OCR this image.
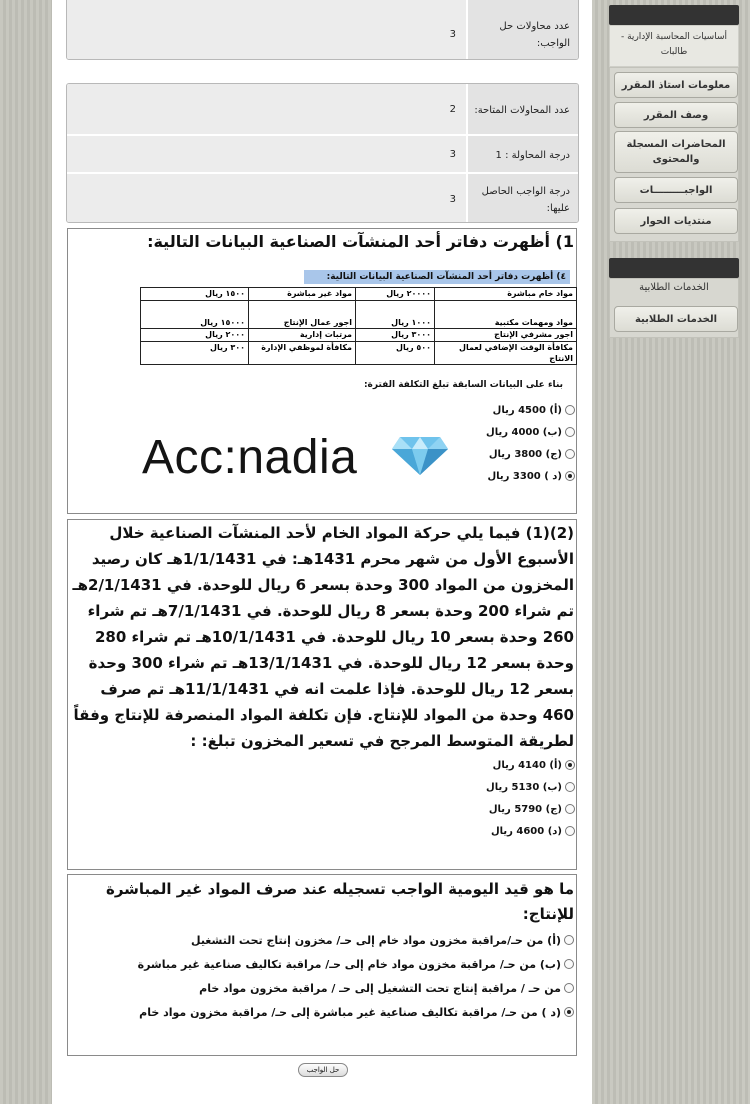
عدد محاولات حل الواجب:
3
عدد المحاولات المتاحة:
2
درجة المحاولة : 1
3
درجة الواجب الحاصل عليها:
3
1) أظهرت دفاتر أحد المنشآت الصناعية البيانات التالية:
٤) أظهرت دفاتر أحد المنشآت الصناعية البيانات التالية:
مواد خام مباشرة	٢٠٠٠٠ ريال	مواد غير مباشرة	١٥٠٠ ريال
مواد ومهمات مكتبية	١٠٠٠ ريال	اجور عمال الإنتاج	١٥٠٠٠ ريال
اجور مشرفي الإنتاج	٣٠٠٠ ريال	مرتبات إدارية	٢٠٠٠ ريال
مكافأة الوقت الإضافي لعمال الانتاج	٥٠٠ ريال	مكافأة لموظفي الإدارة	٣٠٠ ريال
بناء على البيانات السابقة تبلغ التكلفة الفترة:
(أ) 4500 ريال
(ب) 4000 ريال
(ج) 3800 ريال
(د ) 3300 ريال
Acc:nadia
(2)(1) فيما يلي حركة المواد الخام لأحد المنشآت الصناعية خلال الأسبوع الأول من شهر محرم 1431هـ: في 1/1/1431هـ كان رصيد المخزون من المواد 300 وحدة بسعر 6 ريال للوحدة. في 2/1/1431هـ تم شراء 200 وحدة بسعر 8 ريال للوحدة. في 7/1/1431هـ تم شراء 260 وحدة بسعر 10 ريال للوحدة. في 10/1/1431هـ تم شراء 280 وحدة بسعر 12 ريال للوحدة. في 13/1/1431هـ تم شراء 300 وحدة بسعر 12 ريال للوحدة. فإذا علمت انه في 11/1/1431هـ تم صرف 460 وحدة من المواد للإنتاج. فإن تكلفة المواد المنصرفة للإنتاج وفقاً لطريقة المتوسط المرجح في تسعير المخزون تبلغ: :
(أ) 4140 ريال
(ب) 5130 ريال
(ج) 5790 ريال
(د) 4600 ريال
ما هو قيد اليومية الواجب تسجيله عند صرف المواد غير المباشرة للإنتاج:
(أ) من حـ/مراقبة مخزون مواد خام إلى حـ/ مخزون إنتاج تحت التشغيل
(ب) من حـ/ مراقبة مخزون مواد خام إلى حـ/ مراقبة تكاليف صناعية غير مباشرة
من حـ / مراقبة إنتاج تحت التشغيل إلى حـ / مراقبة مخزون مواد خام
(د ) من حـ/ مراقبة تكاليف صناعية غير مباشرة إلى حـ/ مراقبة مخزون مواد خام
حل الواجب
أساسيات المحاسبة الإدارية - طالبات
معلومات استاذ المقرر
وصف المقرر
المحاضرات المسجلة والمحتوى
الواجبـــــــــات
منتديات الحوار
الخدمات الطلابية
الخدمات الطلابية
